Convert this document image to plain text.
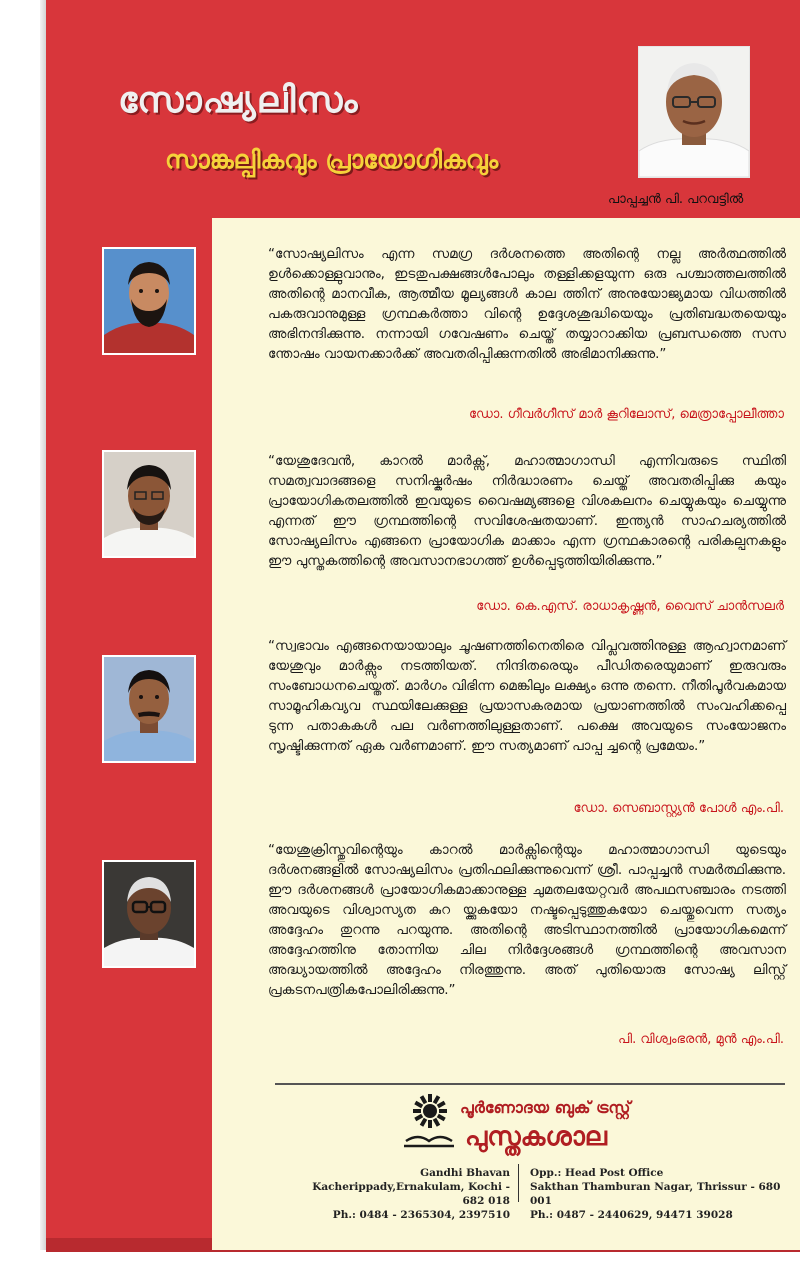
സോഷ്യലിസം
സാങ്കല്പികവും പ്രായോഗികവും
പാപ്പച്ചൻ പി. പറവട്ടിൽ

“സോഷ്യലിസം എന്ന സമഗ്ര ദർശനത്തെ അതിന്റെ നല്ല അർത്ഥത്തിൽ ഉൾക്കൊള്ളുവാനും, ഇടതുപക്ഷങ്ങൾപോലും തള്ളിക്കളയുന്ന ഒരു പശ്ചാത്തലത്തിൽ അതിന്റെ മാനവീക, ആത്മീയ മൂല്യങ്ങൾ കാല ത്തിന് അനുയോജ്യമായ വിധത്തിൽ പകരുവാനുമുള്ള ഗ്രന്ഥകർത്താ വിന്റെ ഉദ്ദേശശുദ്ധിയെയും പ്രതിബദ്ധതയെയും അഭിനന്ദിക്കുന്നു. നന്നായി ഗവേഷണം ചെയ്ത് തയ്യാറാക്കിയ പ്രബന്ധത്തെ സസ ന്തോഷം വായനക്കാർക്ക് അവതരിപ്പിക്കുന്നതിൽ അഭിമാനിക്കുന്നു.”

ഡോ. ഗീവർഗീസ് മാർ കൂറിലോസ്, മെത്രാപ്പോലീത്താ

“യേശുദേവൻ, കാറൽ മാർക്സ്, മഹാത്മാഗാന്ധി എന്നിവരുടെ സ്ഥിതി സമത്വവാദങ്ങളെ സനിഷ്കർഷം നിർദ്ധാരണം ചെയ്ത് അവതരിപ്പിക്കു കയും പ്രായോഗികതലത്തിൽ ഇവയുടെ വൈഷമ്യങ്ങളെ വിശകലനം ചെയ്യുകയും ചെയ്യുന്നു എന്നത് ഈ ഗ്രന്ഥത്തിന്റെ സവിശേഷതയാണ്. ഇന്ത്യൻ സാഹചര്യത്തിൽ സോഷ്യലിസം എങ്ങനെ പ്രായോഗിക മാക്കാം എന്ന ഗ്രന്ഥകാരന്റെ പരികല്പനകളും ഈ പുസ്തകത്തിന്റെ അവസാനഭാഗത്ത് ഉൾപ്പെടുത്തിയിരിക്കുന്നു.”

ഡോ. കെ.എസ്. രാധാകൃഷ്ണൻ, വൈസ് ചാൻസലർ

“സ്വഭാവം എങ്ങനെയായാലും ചൂഷണത്തിനെതിരെ വിപ്ലവത്തിനുള്ള ആഹ്വാനമാണ് യേശുവും മാർക്സും നടത്തിയത്. നിന്ദിതരെയും പീഡിതരെയുമാണ് ഇരുവരും സംബോധനചെയ്തത്. മാർഗം വിഭിന്ന മെങ്കിലും ലക്ഷ്യം ഒന്നു തന്നെ. നീതിപൂർവകമായ സാമൂഹികവ്യവ സ്ഥയിലേക്കുള്ള പ്രയാസകരമായ പ്രയാണത്തിൽ സംവഹിക്കപ്പെ ടുന്ന പതാകകൾ പല വർണത്തിലുള്ളതാണ്. പക്ഷെ അവയുടെ സംയോജനം സൃഷ്ടിക്കുന്നത് ഏക വർണമാണ്. ഈ സത്യമാണ് പാപ്പ ച്ചന്റെ പ്രമേയം.”

ഡോ. സെബാസ്റ്റ്യൻ പോൾ എം.പി.

“യേശുക്രിസ്തുവിന്റെയും കാറൽ മാർക്സിന്റെയും മഹാത്മാഗാന്ധി യുടെയും ദർശനങ്ങളിൽ സോഷ്യലിസം പ്രതിഫലിക്കുന്നുവെന്ന് ശ്രീ. പാപ്പച്ചൻ സമർത്ഥിക്കുന്നു. ഈ ദർശനങ്ങൾ പ്രായോഗികമാക്കാനുള്ള ചുമതലയേറ്റവർ അപഥസഞ്ചാരം നടത്തി അവയുടെ വിശ്വാസ്യത കുറ യ്ക്കുകയോ നഷ്ടപ്പെടുത്തുകയോ ചെയ്തുവെന്ന സത്യം അദ്ദേഹം തുറന്നു പറയുന്നു. അതിന്റെ അടിസ്ഥാനത്തിൽ പ്രായോഗികമെന്ന് അദ്ദേഹത്തിനു തോന്നിയ ചില നിർദ്ദേശങ്ങൾ ഗ്രന്ഥത്തിന്റെ അവസാന അദ്ധ്യായത്തിൽ അദ്ദേഹം നിരത്തുന്നു. അത് പുതിയൊരു സോഷ്യ ലിസ്റ്റ് പ്രകടനപത്രികപോലിരിക്കുന്നു.”

പി. വിശ്വംഭരൻ, മുൻ എം.പി.
പൂർണോദയ ബുക് ട്രസ്റ്റ്
പുസ്തകശാല
Gandhi Bhavan
Kacherippady,Ernakulam, Kochi - 682 018
Ph.: 0484 - 2365304, 2397510
Opp.: Head Post Office
Sakthan Thamburan Nagar, Thrissur - 680 001
Ph.: 0487 - 2440629, 94471 39028
